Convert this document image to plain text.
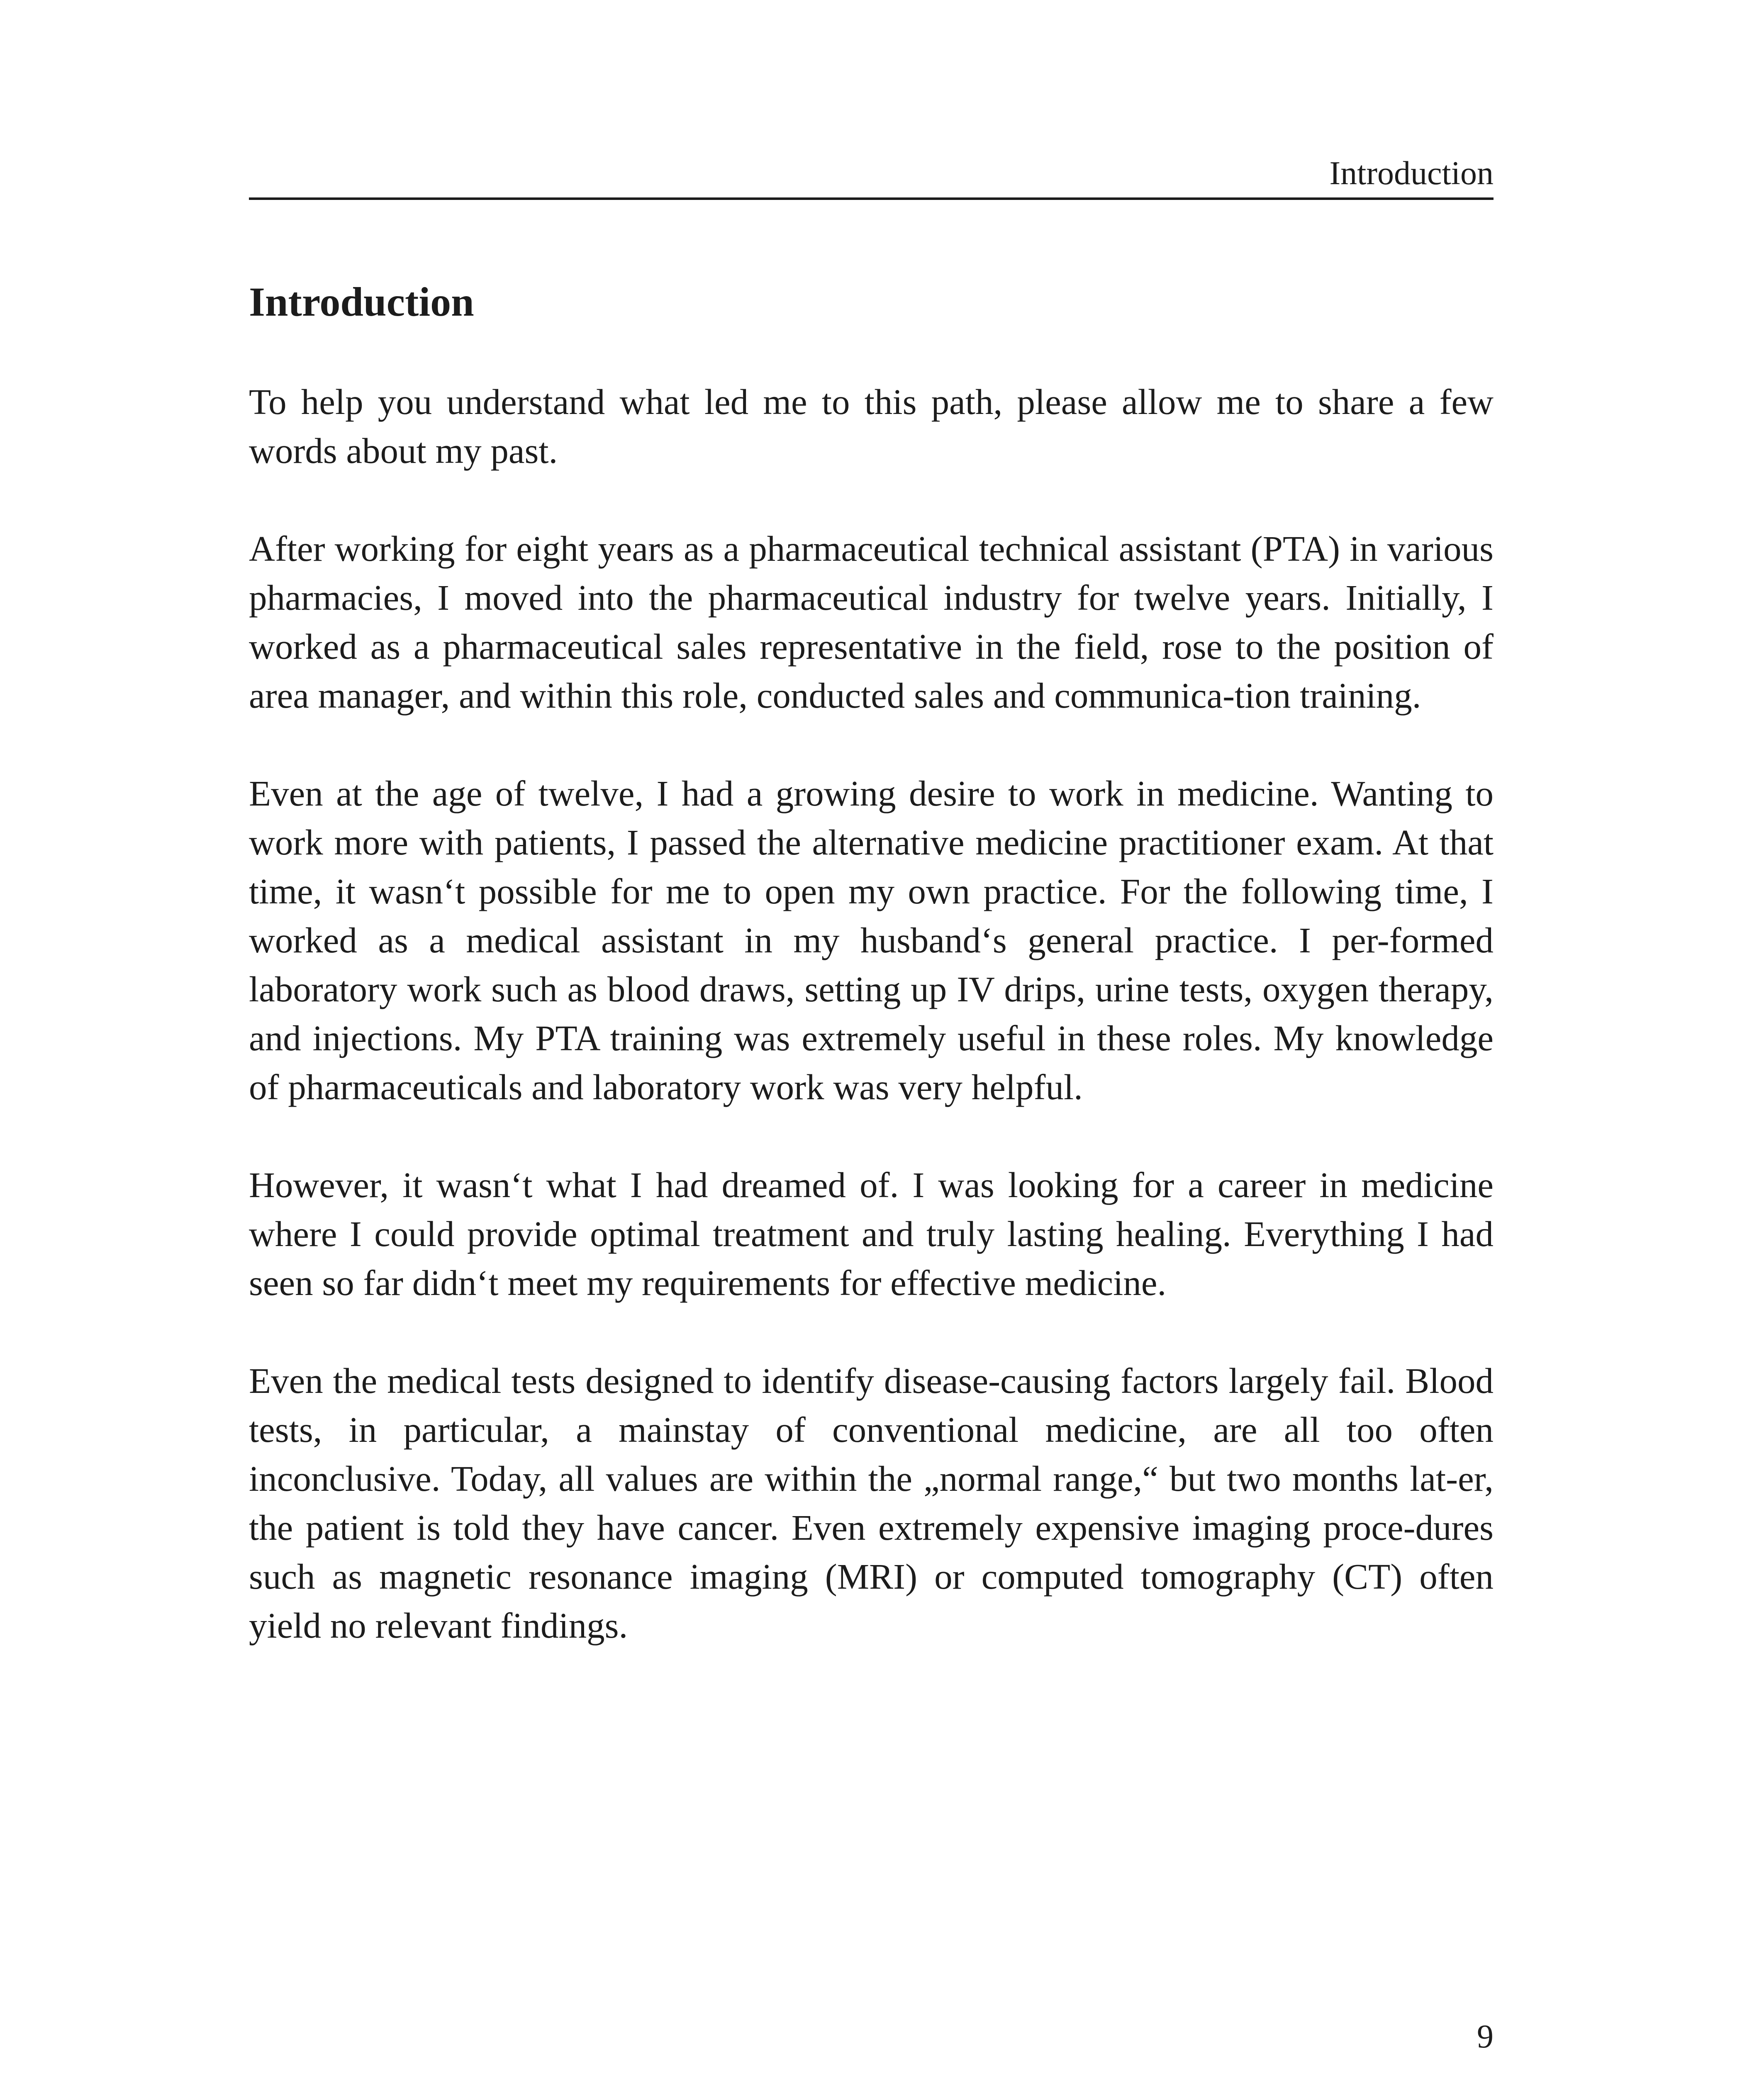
Introduction
Introduction

To help you understand what led me to this path, please allow me to share a few words about my past.

After working for eight years as a pharmaceutical technical assistant (PTA) in various pharmacies, I moved into the pharmaceutical industry for twelve years. Initially, I worked as a pharmaceutical sales representative in the field, rose to the position of area manager, and within this role, conducted sales and communica-tion training.

Even at the age of twelve, I had a growing desire to work in medicine. Wanting to work more with patients, I passed the alternative medicine practitioner exam. At that time, it wasn‘t possible for me to open my own practice. For the following time, I worked as a medical assistant in my husband‘s general practice. I per-formed laboratory work such as blood draws, setting up IV drips, urine tests, oxygen therapy, and injections. My PTA training was extremely useful in these roles. My knowledge of pharmaceuticals and laboratory work was very helpful.

However, it wasn‘t what I had dreamed of. I was looking for a career in medicine where I could provide optimal treatment and truly lasting healing. Everything I had seen so far didn‘t meet my requirements for effective medicine.

Even the medical tests designed to identify disease-causing factors largely fail. Blood tests, in particular, a mainstay of conventional medicine, are all too often inconclusive. Today, all values are within the „normal range,“ but two months lat-er, the patient is told they have cancer. Even extremely expensive imaging proce-dures such as magnetic resonance imaging (MRI) or computed tomography (CT) often yield no relevant findings.

9
